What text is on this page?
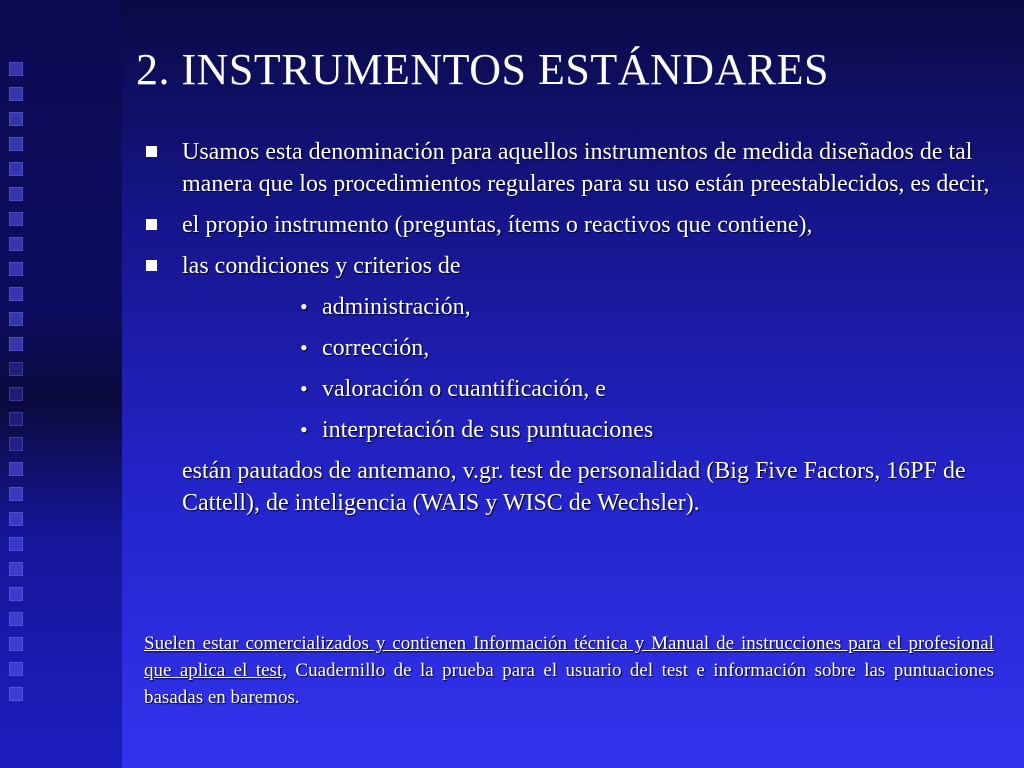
2. INSTRUMENTOS ESTÁNDARES
Usamos esta denominación para aquellos instrumentos de medida diseñados de tal manera que los procedimientos regulares para su uso están preestablecidos, es decir,
el propio instrumento (preguntas, ítems o reactivos que contiene),
las condiciones y criterios de
• administración,
• corrección,
• valoración o cuantificación, e
• interpretación de sus puntuaciones
están pautados de antemano, v.gr. test de personalidad (Big Five Factors, 16PF de Cattell), de inteligencia (WAIS y WISC de Wechsler).
Suelen estar comercializados y contienen Información técnica y Manual de instrucciones para el profesional que aplica el test, Cuadernillo de la prueba para el usuario del test e información sobre las puntuaciones basadas en baremos.
